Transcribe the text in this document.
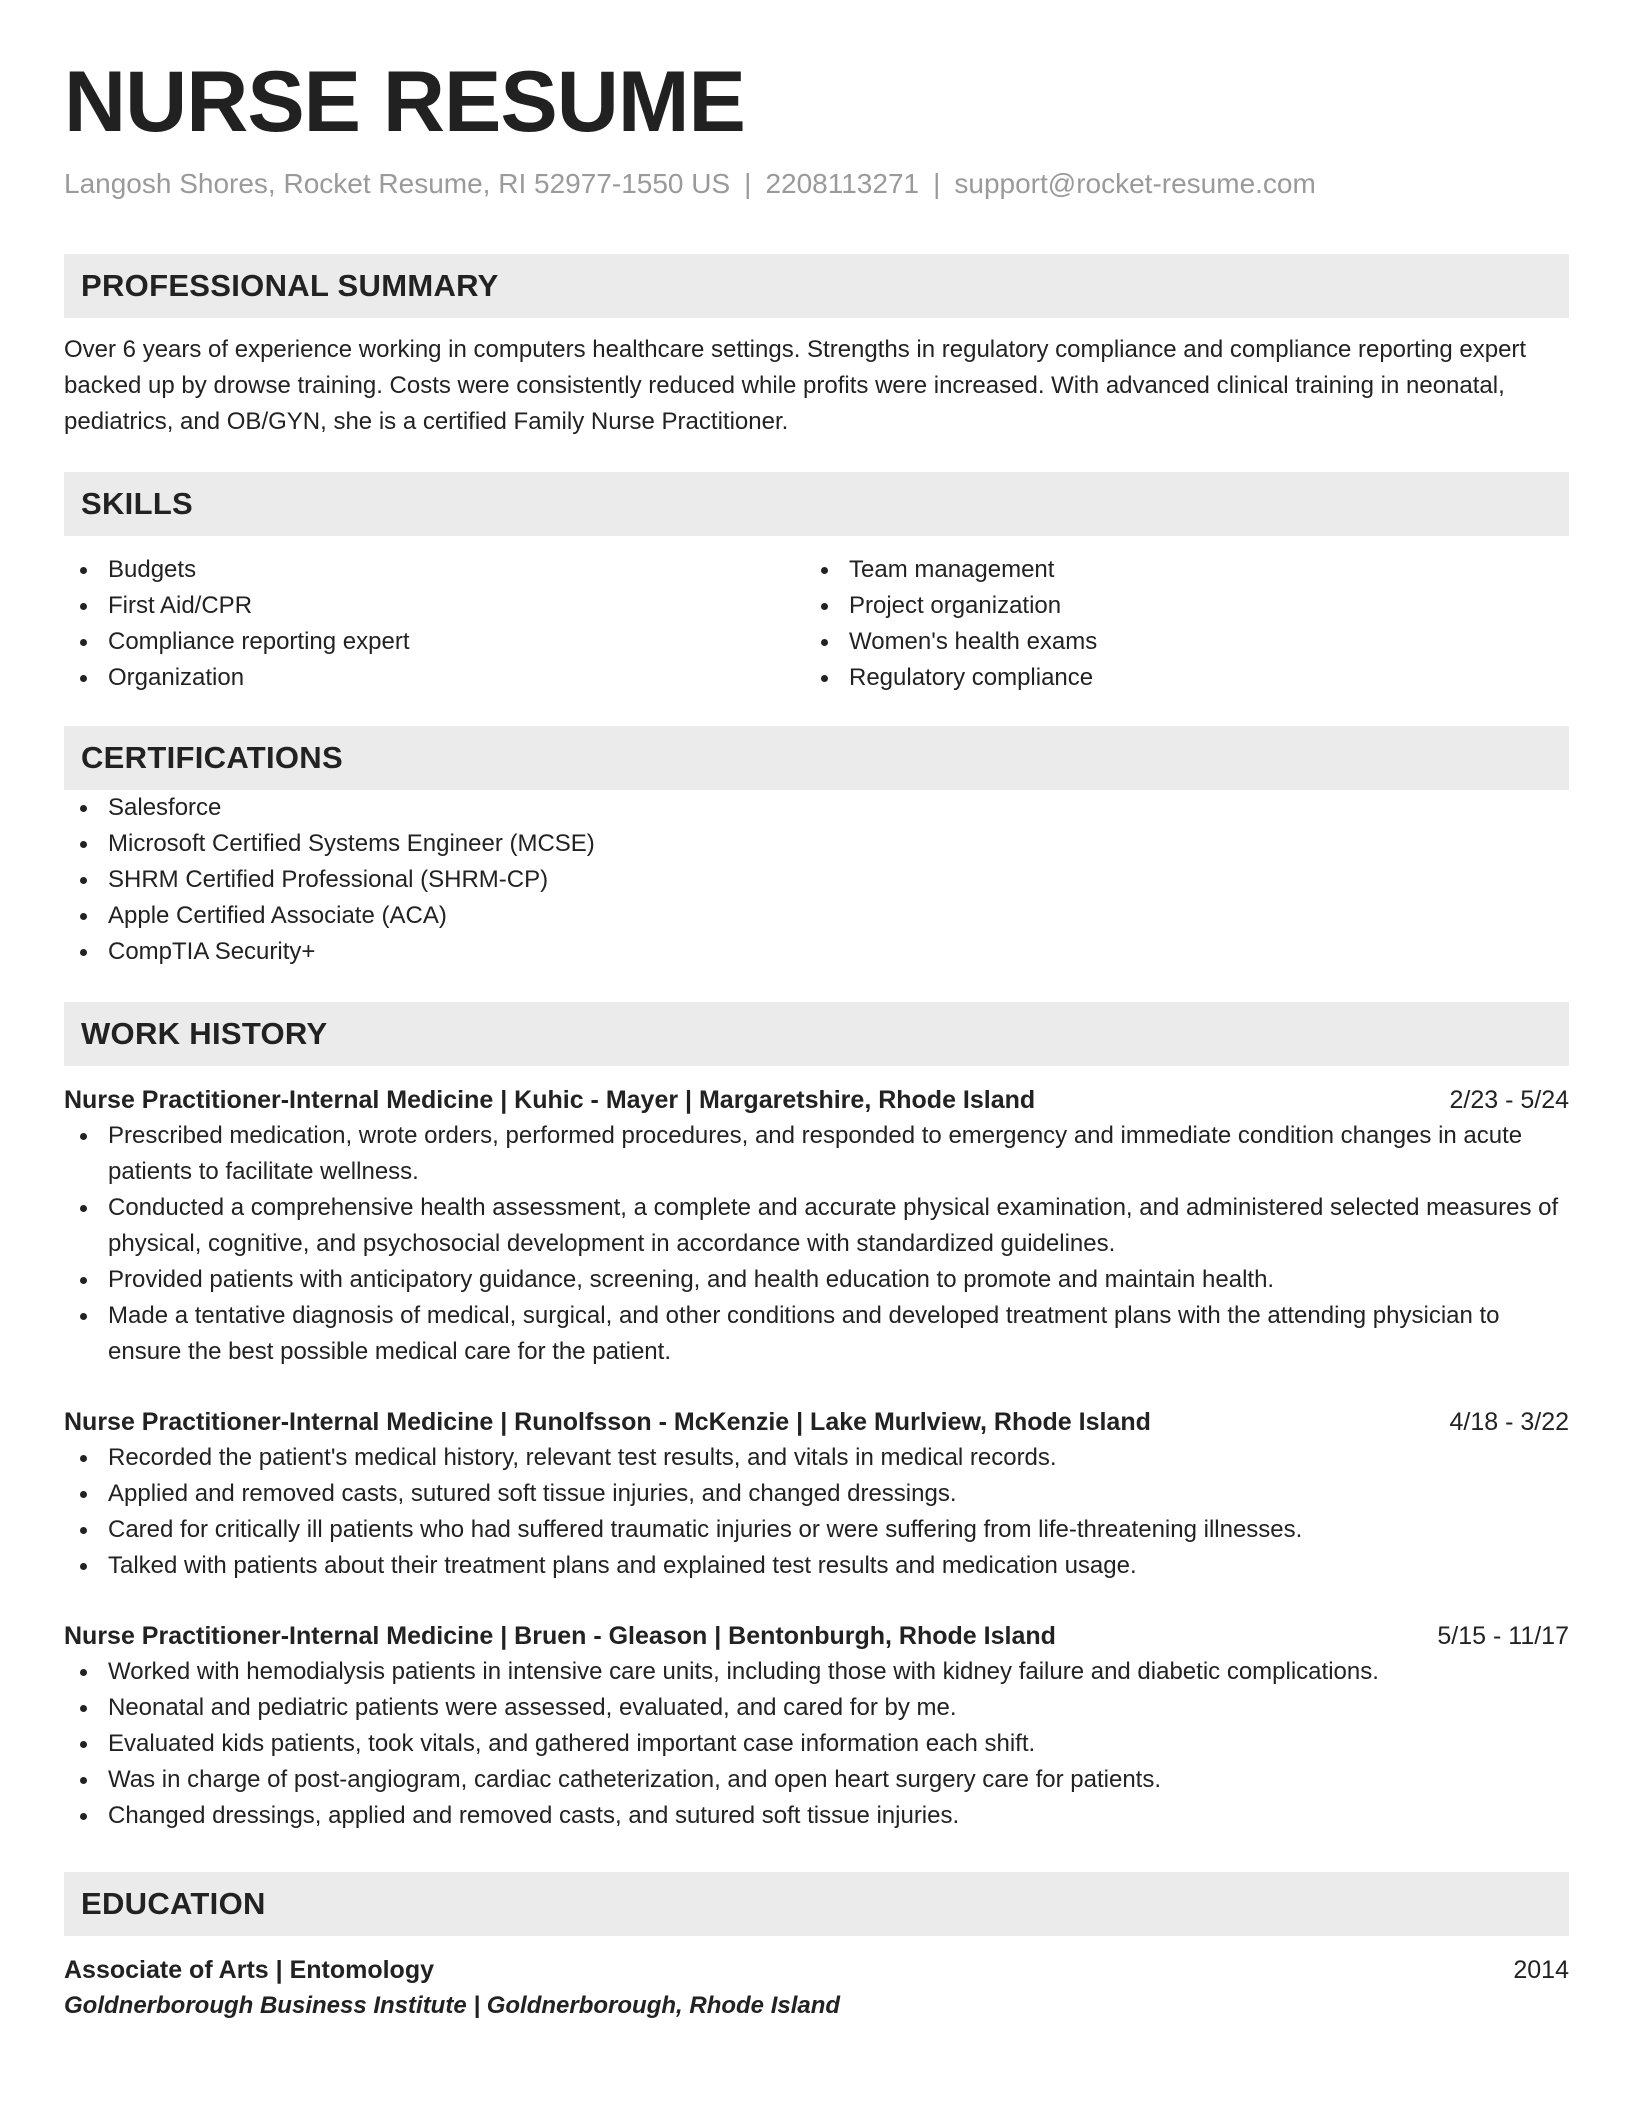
NURSE RESUME
Langosh Shores, Rocket Resume, RI 52977-1550 US | 2208113271 | support@rocket-resume.com
PROFESSIONAL SUMMARY
Over 6 years of experience working in computers healthcare settings. Strengths in regulatory compliance and compliance reporting expert backed up by drowse training. Costs were consistently reduced while profits were increased. With advanced clinical training in neonatal, pediatrics, and OB/GYN, she is a certified Family Nurse Practitioner.
SKILLS
Budgets
First Aid/CPR
Compliance reporting expert
Organization
Team management
Project organization
Women's health exams
Regulatory compliance
CERTIFICATIONS
Salesforce
Microsoft Certified Systems Engineer (MCSE)
SHRM Certified Professional (SHRM-CP)
Apple Certified Associate (ACA)
CompTIA Security+
WORK HISTORY
Nurse Practitioner-Internal Medicine | Kuhic - Mayer | Margaretshire, Rhode Island	2/23 - 5/24
Prescribed medication, wrote orders, performed procedures, and responded to emergency and immediate condition changes in acute patients to facilitate wellness.
Conducted a comprehensive health assessment, a complete and accurate physical examination, and administered selected measures of physical, cognitive, and psychosocial development in accordance with standardized guidelines.
Provided patients with anticipatory guidance, screening, and health education to promote and maintain health.
Made a tentative diagnosis of medical, surgical, and other conditions and developed treatment plans with the attending physician to ensure the best possible medical care for the patient.
Nurse Practitioner-Internal Medicine | Runolfsson - McKenzie | Lake Murlview, Rhode Island	4/18 - 3/22
Recorded the patient's medical history, relevant test results, and vitals in medical records.
Applied and removed casts, sutured soft tissue injuries, and changed dressings.
Cared for critically ill patients who had suffered traumatic injuries or were suffering from life-threatening illnesses.
Talked with patients about their treatment plans and explained test results and medication usage.
Nurse Practitioner-Internal Medicine | Bruen - Gleason | Bentonburgh, Rhode Island	5/15 - 11/17
Worked with hemodialysis patients in intensive care units, including those with kidney failure and diabetic complications.
Neonatal and pediatric patients were assessed, evaluated, and cared for by me.
Evaluated kids patients, took vitals, and gathered important case information each shift.
Was in charge of post-angiogram, cardiac catheterization, and open heart surgery care for patients.
Changed dressings, applied and removed casts, and sutured soft tissue injuries.
EDUCATION
Associate of Arts | Entomology	2014
Goldnerborough Business Institute | Goldnerborough, Rhode Island
